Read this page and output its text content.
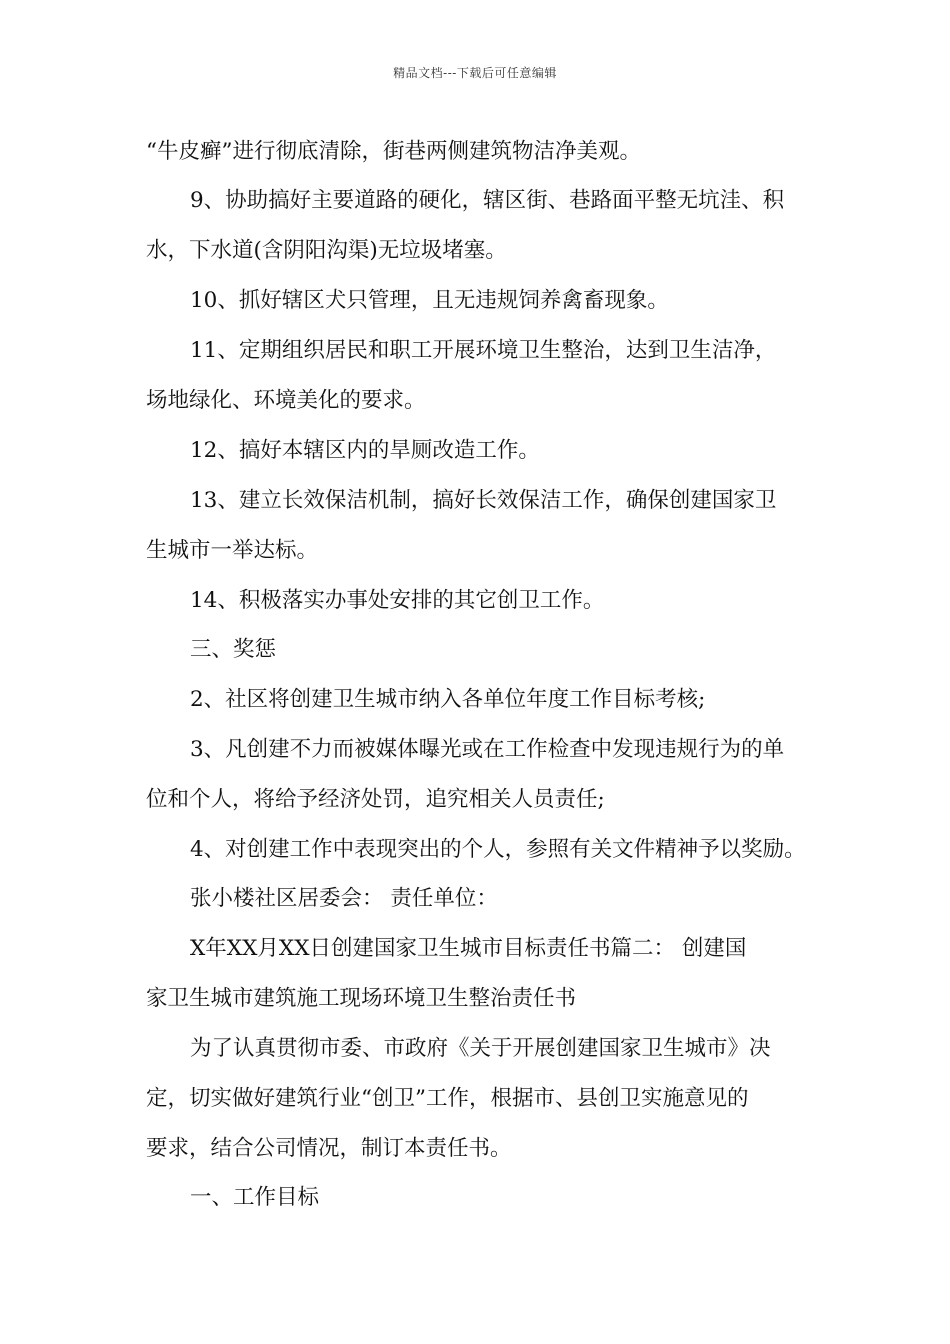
精品文档---下载后可任意编辑
“牛皮癣”进行彻底清除，街巷两侧建筑物洁净美观。
9、协助搞好主要道路的硬化，辖区街、巷路面平整无坑洼、积
水，下水道(含阴阳沟渠)无垃圾堵塞。
10、抓好辖区犬只管理，且无违规饲养禽畜现象。
11、定期组织居民和职工开展环境卫生整治，达到卫生洁净，
场地绿化、环境美化的要求。
12、搞好本辖区内的旱厕改造工作。
13、建立长效保洁机制，搞好长效保洁工作，确保创建国家卫
生城市一举达标。
14、积极落实办事处安排的其它创卫工作。
三、奖惩
2、社区将创建卫生城市纳入各单位年度工作目标考核;
3、凡创建不力而被媒体曝光或在工作检查中发现违规行为的单
位和个人，将给予经济处罚，追究相关人员责任;
4、对创建工作中表现突出的个人，参照有关文件精神予以奖励。
张小楼社区居委会： 责任单位：
X年XX月XX日创建国家卫生城市目标责任书篇二： 创建国
家卫生城市建筑施工现场环境卫生整治责任书
为了认真贯彻市委、市政府《关于开展创建国家卫生城市》决
定，切实做好建筑行业“创卫”工作，根据市、县创卫实施意见的
要求，结合公司情况，制订本责任书。
一、工作目标
